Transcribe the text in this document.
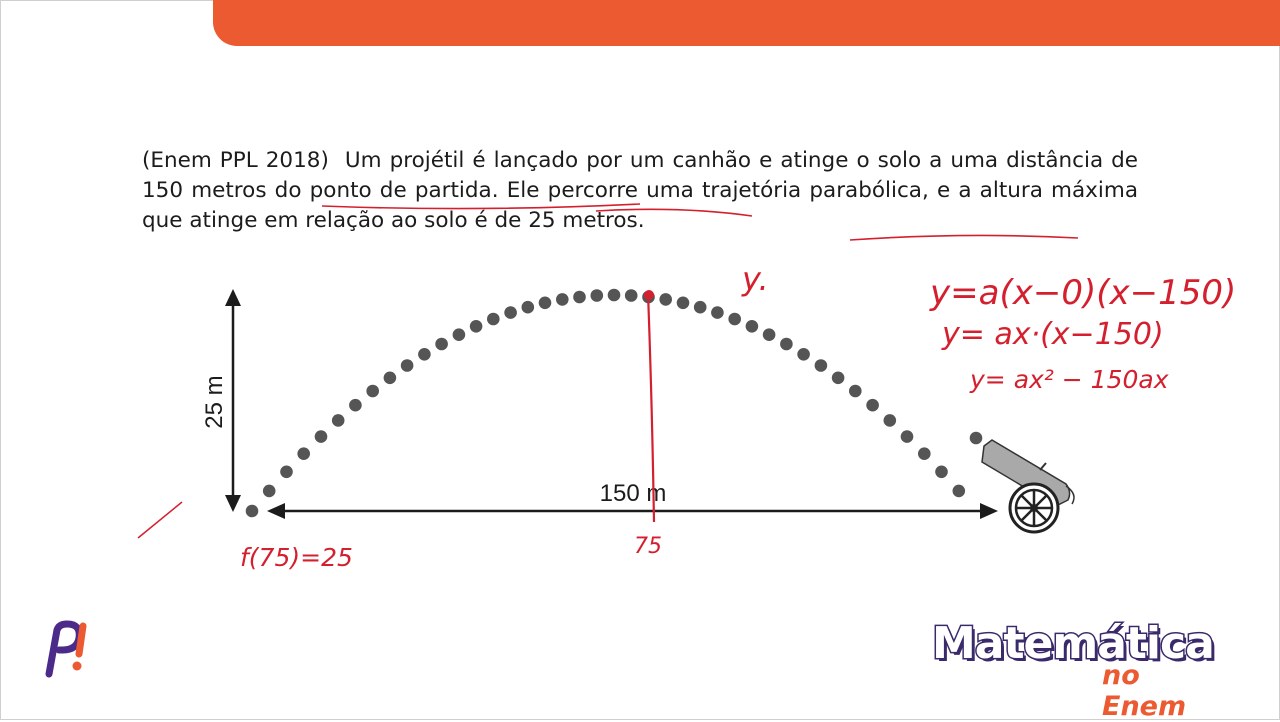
(Enem PPL 2018) Um projétil é lançado por um canhão e atinge o solo a uma distância de 150 metros do ponto de partida. Ele percorre uma trajetória parabólica, e a altura máxima que atinge em relação ao solo é de 25 metros.
25 m
150 m
y.	y=a(x−0)(x−150)
y= ax·(x−150)
y= ax² − 150ax
f(75)=25	75
Matemática
no Enem
